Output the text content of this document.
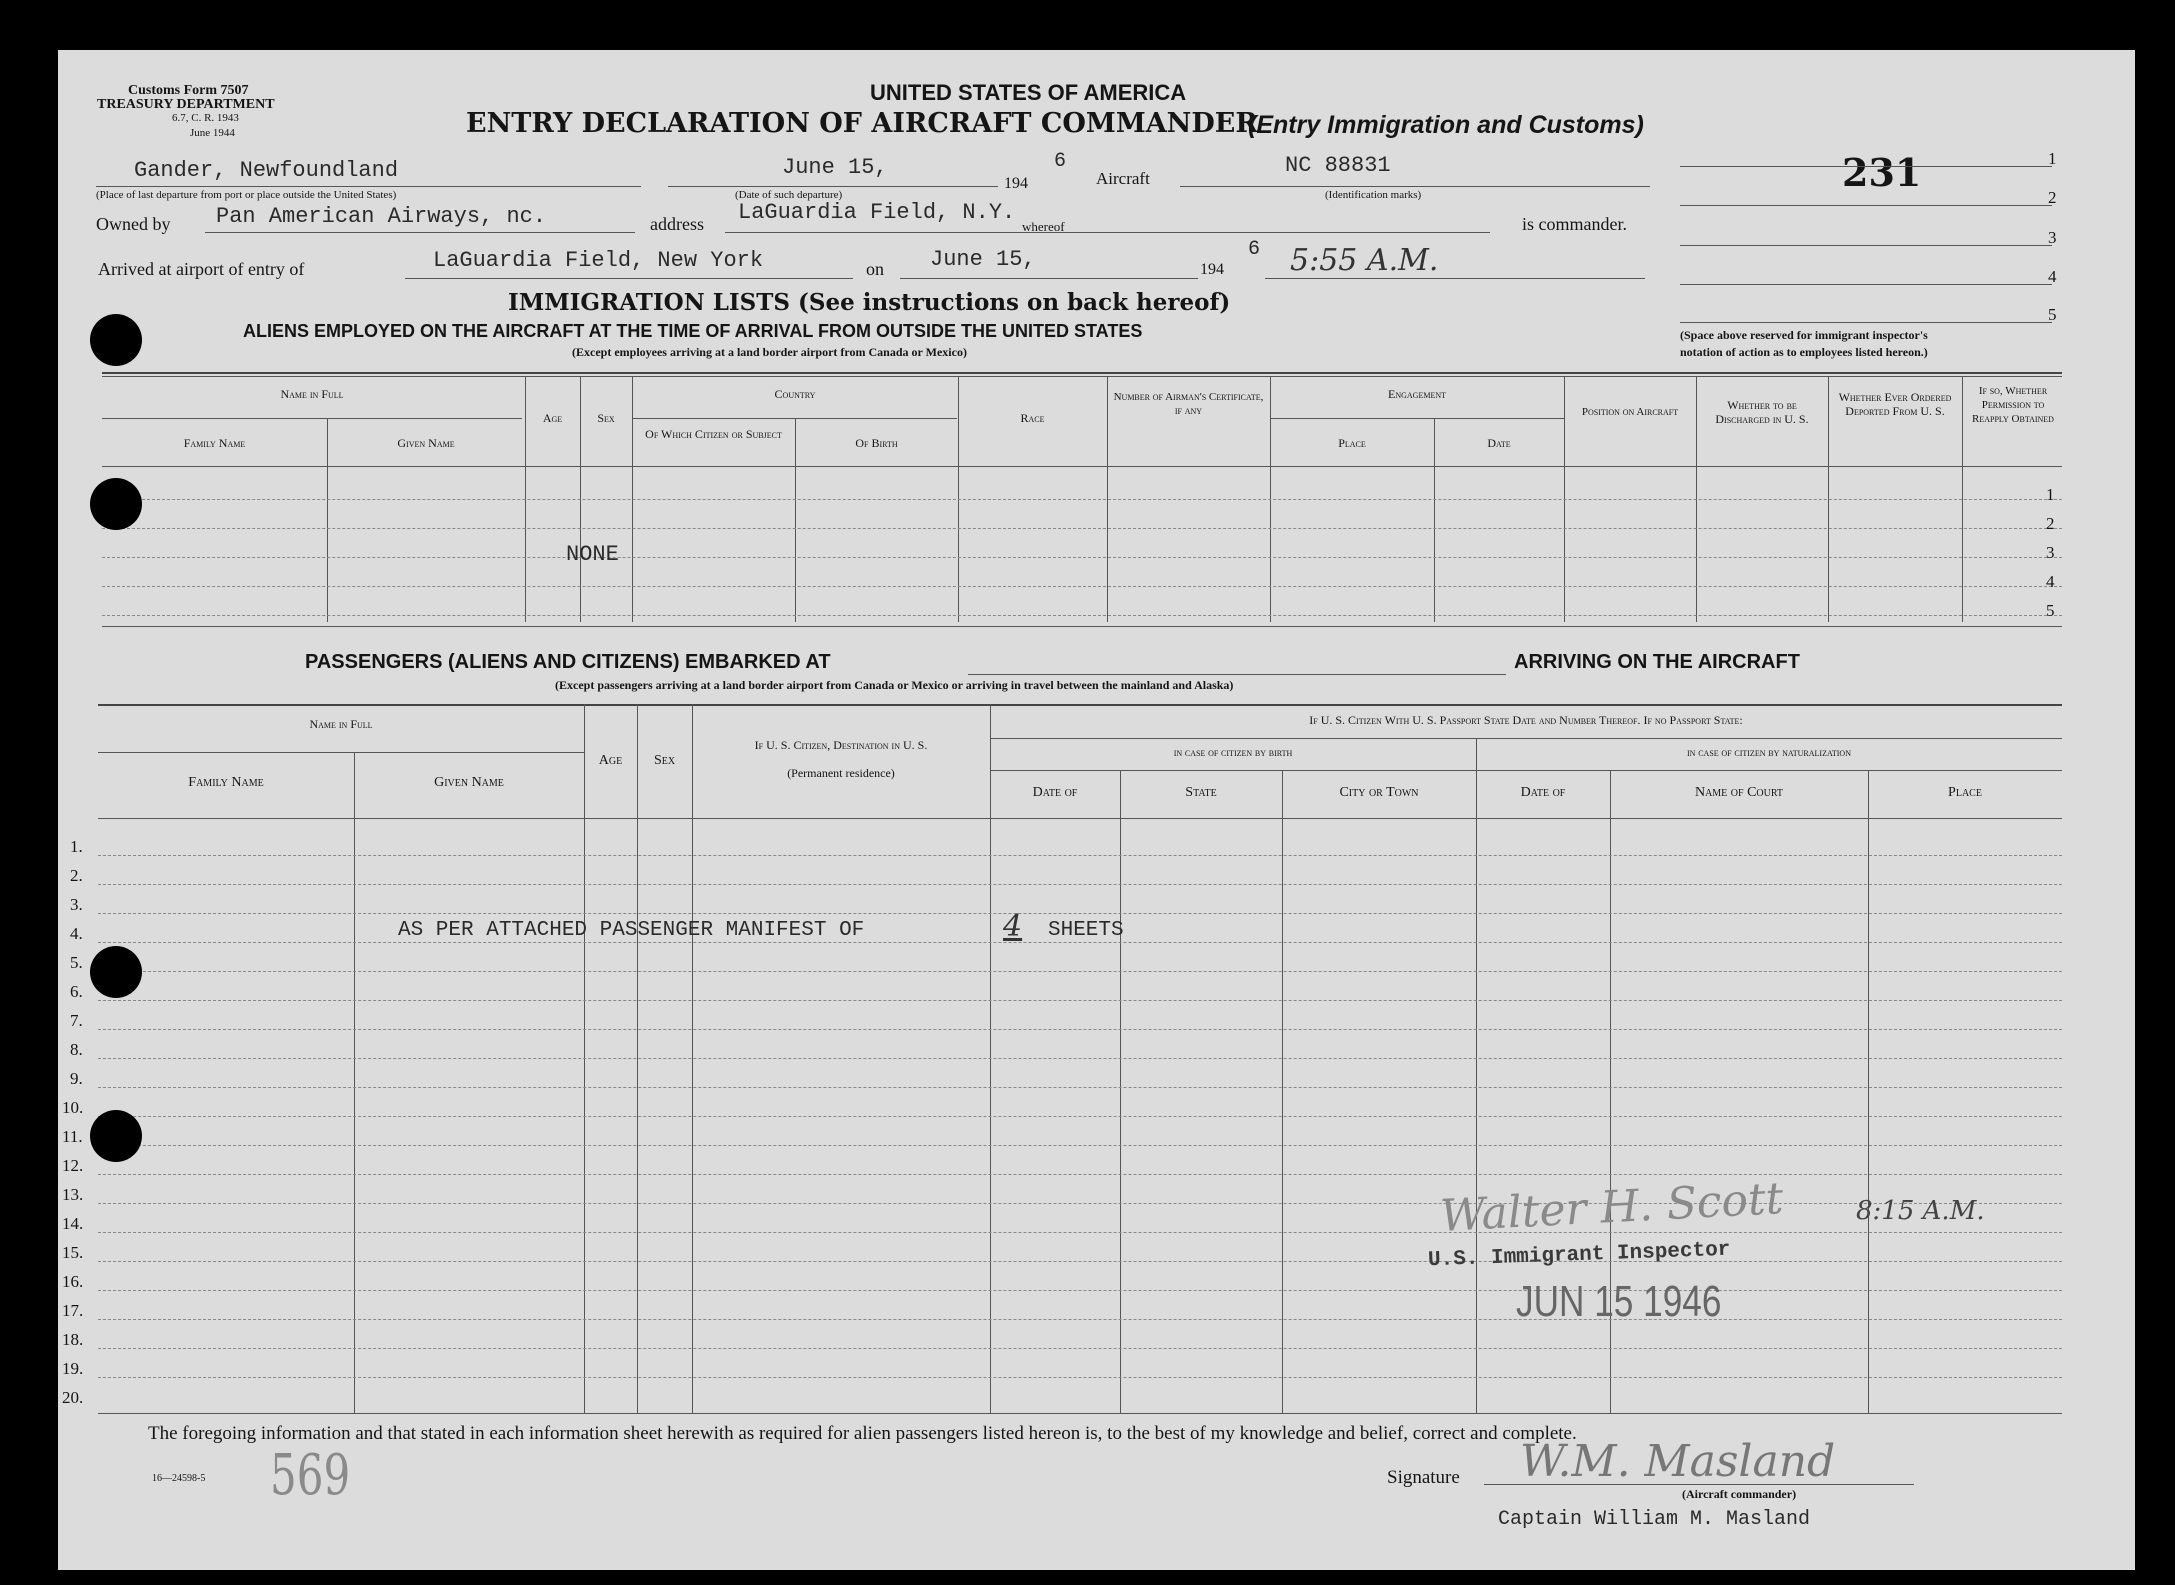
Customs Form 7507
TREASURY DEPARTMENT
6.7, C. R. 1943
June 1944
UNITED STATES OF AMERICA
ENTRY DECLARATION OF AIRCRAFT COMMANDER
(Entry Immigration and Customs)
Gander, Newfoundland
(Place of last departure from port or place outside the United States)
June 15,
(Date of such departure)
194
6
Aircraft
NC 88831
(Identification marks)
Owned by Pan American Airways, nc.	address LaGuardia Field, N.Y.
whereof	is commander.
Arrived at airport of entry of	LaGuardia Field, New York	on June 15,	194
6 5:55 A.M.
231	1
2
3
4
5
(Space above reserved for immigrant inspector's
notation of action as to employees listed hereon.)
IMMIGRATION LISTS (See instructions on back hereof)
ALIENS EMPLOYED ON THE AIRCRAFT AT THE TIME OF ARRIVAL FROM OUTSIDE THE UNITED STATES
(Except employees arriving at a land border airport from Canada or Mexico)
Name in Full
Family Name	Given Name
Age	Sex
Country
Of Which Citizen or Subject
Of Birth
Race
Number of Airman's Certificate, if any
Engagement
Place	Date
Position on Aircraft	Whether to be Discharged in U. S.
Whether Ever Ordered Deported From U. S.
If so, Whether Permission to Reapply Obtained
1
2
3
4
5
NONE
PASSENGERS (ALIENS AND CITIZENS) EMBARKED AT	ARRIVING ON THE AIRCRAFT
(Except passengers arriving at a land border airport from Canada or Mexico or arriving in travel between the mainland and Alaska)
Name in Full
Family Name	Given Name
Age	Sex
If U. S. Citizen, Destination in U. S.
(Permanent residence)
If U. S. Citizen With U. S. Passport State Date and Number Thereof. If no Passport State:
in case of citizen by birth	in case of citizen by naturalization
Date of	State	City or Town	Date of	Name of Court	Place
1.
2.
3.
4.
5.
6.
7.
8.
9.
10.
11.
12.
13.
14.
15.
16.
17.
18.
19.
20.
AS PER ATTACHED PASSENGER MANIFEST OF	4 SHEETS
Walter H. Scott	8:15 A.M.
U.S. Immigrant Inspector
JUN 15 1946
The foregoing information and that stated in each information sheet herewith as required for alien passengers listed hereon is, to the best of my knowledge and belief, correct and complete.
16—24598-5 569	Signature W.M. Masland
(Aircraft commander)
Captain William M. Masland
